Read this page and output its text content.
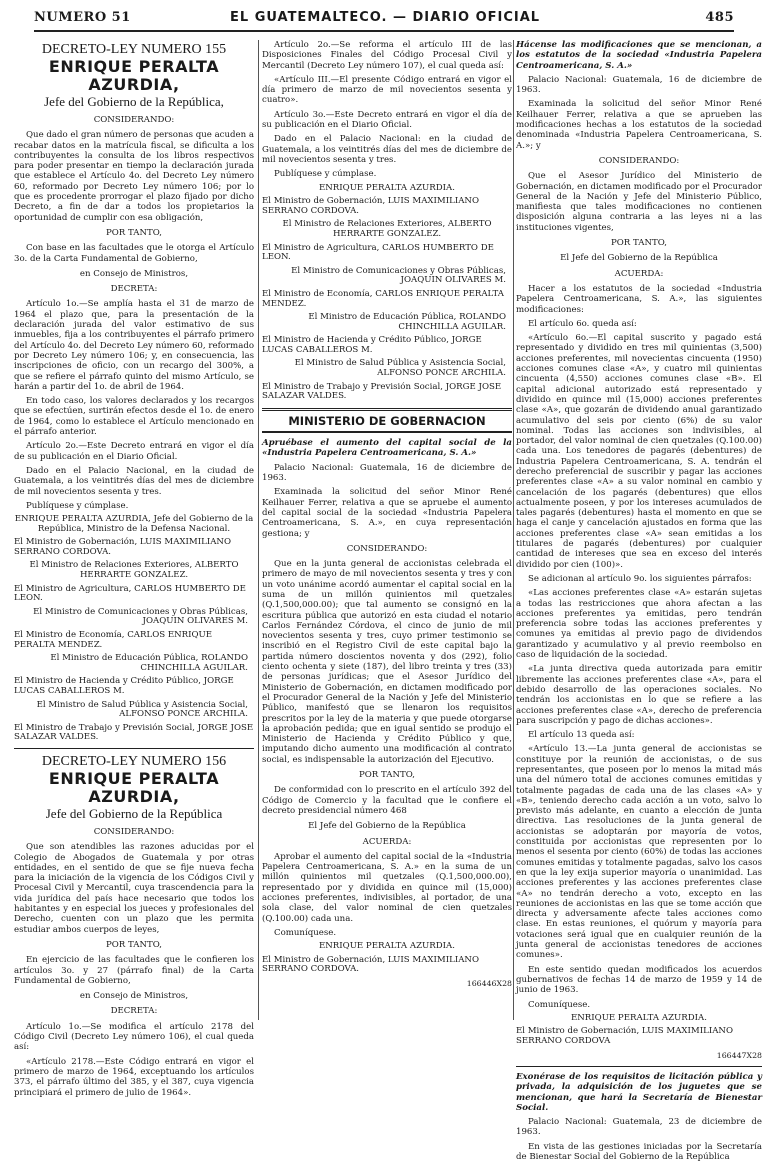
NUMERO 51	EL GUATEMALTECO. — DIARIO OFICIAL	485
DECRETO-LEY NUMERO 155
ENRIQUE PERALTA AZURDIA,
Jefe del Gobierno de la República,

CONSIDERANDO:

Que dado el gran número de personas que acuden a recabar datos en la matrícula fiscal, se dificulta a los contribuyentes la consulta de los libros respectivos para poder presentar en tiempo la declaración jurada que establece el Artículo 4o. del Decreto Ley número 60, reformado por Decreto Ley número 106; por lo que es procedente prorrogar el plazo fijado por dicho Decreto, a fin de dar a todos los propietarios la oportunidad de cumplir con esa obligación,

POR TANTO,

Con base en las facultades que le otorga el Artículo 3o. de la Carta Fundamental de Gobierno,

en Consejo de Ministros,

DECRETA:

Artículo 1o.—Se amplía hasta el 31 de marzo de 1964 el plazo que, para la presentación de la declaración jurada del valor estimativo de sus inmuebles, fija a los contribuyentes el párrafo primero del Artículo 4o. del Decreto Ley número 60, reformado por Decreto Ley número 106; y, en consecuencia, las inscripciones de oficio, con un recargo del 300%, a que se refiere el párrafo quinto del mismo Artículo, se harán a partir del 1o. de abril de 1964.

En todo caso, los valores declarados y los recargos que se efectúen, surtirán efectos desde el 1o. de enero de 1964, como lo establece el Artículo mencionado en el párrafo anterior.

Artículo 2o.—Este Decreto entrará en vigor el día de su publicación en el Diario Oficial.

Dado en el Palacio Nacional, en la ciudad de Guatemala, a los veintitrés días del mes de diciembre de mil novecientos sesenta y tres.

Publíquese y cúmplase.

ENRIQUE PERALTA AZURDIA, Jefe del Gobierno de la República, Ministro de la Defensa Nacional.

El Ministro de Gobernación, LUIS MAXIMILIANO SERRANO CORDOVA.

El Ministro de Relaciones Exteriores, ALBERTO HERRARTE GONZALEZ.

El Ministro de Agricultura, CARLOS HUMBERTO DE LEON.

El Ministro de Comunicaciones y Obras Públicas, JOAQUIN OLIVARES M.

El Ministro de Economía, CARLOS ENRIQUE PERALTA MENDEZ.

El Ministro de Educación Pública, ROLANDO CHINCHILLA AGUILAR.

El Ministro de Hacienda y Crédito Público, JORGE LUCAS CABALLEROS M.

El Ministro de Salud Pública y Asistencia Social, ALFONSO PONCE ARCHILA.

El Ministro de Trabajo y Previsión Social, JORGE JOSE SALAZAR VALDES.

DECRETO-LEY NUMERO 156
ENRIQUE PERALTA AZURDIA,
Jefe del Gobierno de la República

CONSIDERANDO:

Que son atendibles las razones aducidas por el Colegio de Abogados de Guatemala y por otras entidades, en el sentido de que se fije nueva fecha para la iniciación de la vigencia de los Códigos Civil y Procesal Civil y Mercantil, cuya trascendencia para la vida jurídica del país hace necesario que todos los habitantes y en especial los jueces y profesionales del Derecho, cuenten con un plazo que les permita estudiar ambos cuerpos de leyes,

POR TANTO,

En ejercicio de las facultades que le confieren los artículos 3o. y 27 (párrafo final) de la Carta Fundamental de Gobierno,

en Consejo de Ministros,

DECRETA:

Artículo 1o.—Se modifica el artículo 2178 del Código Civil (Decreto Ley número 106), el cual queda así:

«Artículo 2178.—Este Código entrará en vigor el primero de marzo de 1964, exceptuando los artículos 373, el párrafo último del 385, y el 387, cuya vigencia principiará el primero de julio de 1964».

Artículo 2o.—Se reforma el artículo III de las Disposiciones Finales del Código Procesal Civil y Mercantil (Decreto Ley número 107), el cual queda así:

«Artículo III.—El presente Código entrará en vigor el día primero de marzo de mil novecientos sesenta y cuatro».

Artículo 3o.—Este Decreto entrará en vigor el día de su publicación en el Diario Oficial.

Dado en el Palacio Nacional: en la ciudad de Guatemala, a los veintitrés días del mes de diciembre de mil novecientos sesenta y tres.

Publíquese y cúmplase.

ENRIQUE PERALTA AZURDIA.

El Ministro de Gobernación, LUIS MAXIMILIANO SERRANO CORDOVA.

El Ministro de Relaciones Exteriores, ALBERTO HERRARTE GONZALEZ.

El Ministro de Agricultura, CARLOS HUMBERTO DE LEON.

El Ministro de Comunicaciones y Obras Públicas, JOAQUIN OLIVARES M.

El Ministro de Economía, CARLOS ENRIQUE PERALTA MENDEZ.

El Ministro de Educación Pública, ROLANDO CHINCHILLA AGUILAR.

El Ministro de Hacienda y Crédito Público, JORGE LUCAS CABALLEROS M.

El Ministro de Salud Pública y Asistencia Social, ALFONSO PONCE ARCHILA.

El Ministro de Trabajo y Previsión Social, JORGE JOSE SALAZAR VALDES.

MINISTERIO DE GOBERNACION

Apruébase el aumento del capital social de la «Industria Papelera Centroamericana, S. A.»

Palacio Nacional: Guatemala, 16 de diciembre de 1963.

Examinada la solicitud del señor Minor René Keilhauer Ferrer, relativa a que se apruebe el aumento del capital social de la sociedad «Industria Papelera Centroamericana, S. A.», en cuya representación gestiona; y

CONSIDERANDO:

Que en la junta general de accionistas celebrada el primero de mayo de mil novecientos sesenta y tres y con un voto unánime acordó aumentar el capital social en la suma de un millón quinientos mil quetzales (Q.1,500,000.00); que tal aumento se consignó en la escritura pública que autorizó en esta ciudad el notario Carlos Fernández Córdova, el cinco de junio de mil novecientos sesenta y tres, cuyo primer testimonio se inscribió en el Registro Civil de este capital bajo la partida número doscientos noventa y dos (292), folio ciento ochenta y siete (187), del libro treinta y tres (33) de personas jurídicas; que el Asesor Jurídico del Ministerio de Gobernación, en dictamen modificado por el Procurador General de la Nación y Jefe del Ministerio Público, manifestó que se llenaron los requisitos prescritos por la ley de la materia y que puede otorgarse la aprobación pedida; que en igual sentido se produjo el Ministerio de Hacienda y Crédito Público y que, imputando dicho aumento una modificación al contrato social, es indispensable la autorización del Ejecutivo.

POR TANTO,

De conformidad con lo prescrito en el artículo 392 del Código de Comercio y la facultad que le confiere el decreto presidencial número 468

El Jefe del Gobierno de la República

ACUERDA:

Aprobar el aumento del capital social de la «Industria Papelera Centroamericana, S. A.» en la suma de un millón quinientos mil quetzales (Q.1,500,000.00), representado por y dividida en quince mil (15,000) acciones preferentes, indivisibles, al portador, de una sola clase, del valor nominal de cien quetzales (Q.100.00) cada una.

Comuníquese.

ENRIQUE PERALTA AZURDIA.

El Ministro de Gobernación, LUIS MAXIMILIANO SERRANO CORDOVA.

166446X28

Hácense las modificaciones que se mencionan, a los estatutos de la sociedad «Industria Papelera Centroamericana, S. A.»

Palacio Nacional: Guatemala, 16 de diciembre de 1963.

Examinada la solicitud del señor Minor René Keilhauer Ferrer, relativa a que se aprueben las modificaciones hechas a los estatutos de la sociedad denominada «Industria Papelera Centroamericana, S. A.»; y

CONSIDERANDO:

Que el Asesor Jurídico del Ministerio de Gobernación, en dictamen modificado por el Procurador General de la Nación y Jefe del Ministerio Público, manifiesta que tales modificaciones no contienen disposición alguna contraria a las leyes ni a las instituciones vigentes,

POR TANTO,

El Jefe del Gobierno de la República

ACUERDA:

Hacer a los estatutos de la sociedad «Industria Papelera Centroamericana, S. A.», las siguientes modificaciones:

El artículo 6o. queda así:

«Artículo 6o.—El capital suscrito y pagado está representado y dividido en tres mil quinientas (3,500) acciones preferentes, mil novecientas cincuenta (1950) acciones comunes clase «A», y cuatro mil quinientas cincuenta (4,550) acciones comunes clase «B». El capital adicional autorizado está representado y dividido en quince mil (15,000) acciones preferentes clase «A», que gozarán de dividendo anual garantizado acumulativo del seis por ciento (6%) de su valor nominal. Todas las acciones son indivisibles, al portador, del valor nominal de cien quetzales (Q.100.00) cada una. Los tenedores de pagarés (debentures) de Industria Papelera Centroamericana, S. A. tendrán el derecho preferencial de suscribir y pagar las acciones preferentes clase «A» a su valor nominal en cambio y cancelación de los pagarés (debentures) que ellos actualmente poseen, y por los intereses acumulados de tales pagarés (debentures) hasta el momento en que se haga el canje y cancelación ajustados en forma que las acciones preferentes clase «A» sean emitidas a los titulares de pagarés (debentures) por cualquier cantidad de intereses que sea en exceso del interés dividido por cien (100)».

Se adicionan al artículo 9o. los siguientes párrafos:

«Las acciones preferentes clase «A» estarán sujetas a todas las restricciones que ahora afectan a las acciones preferentes ya emitidas, pero tendrán preferencia sobre todas las acciones preferentes y comunes ya emitidas al previo pago de dividendos garantizado y acumulativo y al previo reembolso en caso de liquidación de la sociedad.

«La junta directiva queda autorizada para emitir libremente las acciones preferentes clase «A», para el debido desarrollo de las operaciones sociales. No tendrán los accionistas en lo que se refiere a las acciones preferentes clase «A», derecho de preferencia para suscripción y pago de dichas acciones».

El artículo 13 queda así:

«Artículo 13.—La junta general de accionistas se constituye por la reunión de accionistas, o de sus representantes, que poseen por lo menos la mitad más una del número total de acciones comunes emitidas y totalmente pagadas de cada una de las clases «A» y «B», teniendo derecho cada acción a un voto, salvo lo previsto más adelante, en cuanto a elección de junta directiva. Las resoluciones de la junta general de accionistas se adoptarán por mayoría de votos, constituida por accionistas que representen por lo menos el sesenta por ciento (60%) de todas las acciones comunes emitidas y totalmente pagadas, salvo los casos en que la ley exija superior mayoría o unanimidad. Las acciones preferentes y las acciones preferentes clase «A» no tendrán derecho a voto, excepto en las reuniones de accionistas en las que se tome acción que directa y adversamente afecte tales acciones como clase. En estas reuniones, el quórum y mayoría para votaciones será igual que en cualquier reunión de la junta general de accionistas tenedores de acciones comunes».

En este sentido quedan modificados los acuerdos gubernativos de fechas 14 de marzo de 1959 y 14 de junio de 1963.

Comuníquese.

ENRIQUE PERALTA AZURDIA.

El Ministro de Gobernación, LUIS MAXIMILIANO SERRANO CORDOVA

166447X28

Exonérase de los requisitos de licitación pública y privada, la adquisición de los juguetes que se mencionan, que hará la Secretaría de Bienestar Social.

Palacio Nacional: Guatemala, 23 de diciembre de 1963.

En vista de las gestiones iniciadas por la Secretaría de Bienestar Social del Gobierno de la República
